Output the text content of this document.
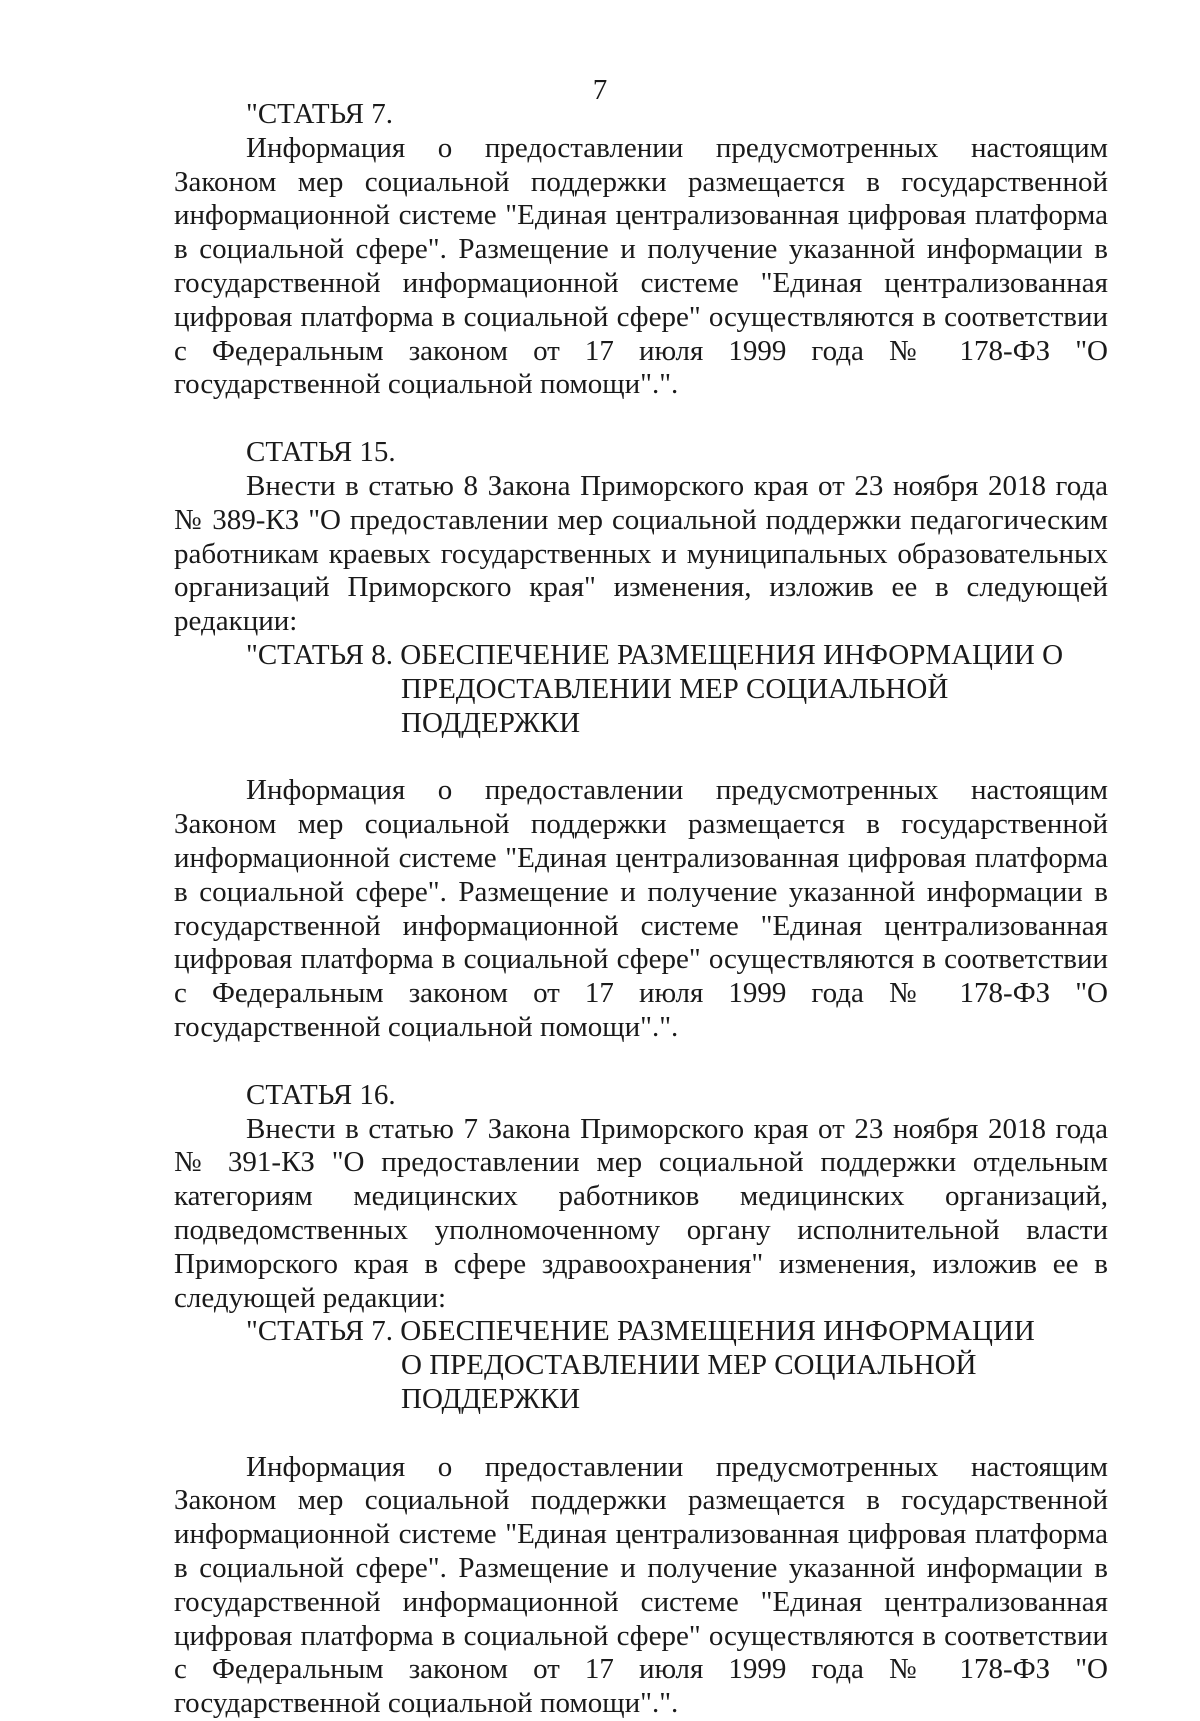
7

"СТАТЬЯ 7.

Информация о предоставлении предусмотренных настоящим Законом мер социальной поддержки размещается в государственной информационной системе "Единая централизованная цифровая платформа в социальной сфере". Размещение и получение указанной информации в государственной информационной системе "Единая централизованная цифровая платформа в социальной сфере" осуществляются в соответствии с Федеральным законом от 17 июля 1999 года № 178-ФЗ "О государственной социальной помощи".".

СТАТЬЯ 15.

Внести в статью 8 Закона Приморского края от 23 ноября 2018 года № 389-КЗ "О предоставлении мер социальной поддержки педагогическим работникам краевых государственных и муниципальных образовательных организаций Приморского края" изменения, изложив ее в следующей редакции:

"СТАТЬЯ 8. ОБЕСПЕЧЕНИЕ РАЗМЕЩЕНИЯ ИНФОРМАЦИИ О
ПРЕДОСТАВЛЕНИИ МЕР СОЦИАЛЬНОЙ
ПОДДЕРЖКИ

Информация о предоставлении предусмотренных настоящим Законом мер социальной поддержки размещается в государственной информационной системе "Единая централизованная цифровая платформа в социальной сфере". Размещение и получение указанной информации в государственной информационной системе "Единая централизованная цифровая платформа в социальной сфере" осуществляются в соответствии с Федеральным законом от 17 июля 1999 года № 178-ФЗ "О государственной социальной помощи".".

СТАТЬЯ 16.

Внести в статью 7 Закона Приморского края от 23 ноября 2018 года № 391-КЗ "О предоставлении мер социальной поддержки отдельным категориям медицинских работников медицинских организаций, подведомственных уполномоченному органу исполнительной власти Приморского края в сфере здравоохранения" изменения, изложив ее в следующей редакции:

"СТАТЬЯ 7. ОБЕСПЕЧЕНИЕ РАЗМЕЩЕНИЯ ИНФОРМАЦИИ
О ПРЕДОСТАВЛЕНИИ МЕР СОЦИАЛЬНОЙ
ПОДДЕРЖКИ

Информация о предоставлении предусмотренных настоящим Законом мер социальной поддержки размещается в государственной информационной системе "Единая централизованная цифровая платформа в социальной сфере". Размещение и получение указанной информации в государственной информационной системе "Единая централизованная цифровая платформа в социальной сфере" осуществляются в соответствии с Федеральным законом от 17 июля 1999 года № 178-ФЗ "О государственной социальной помощи".".
